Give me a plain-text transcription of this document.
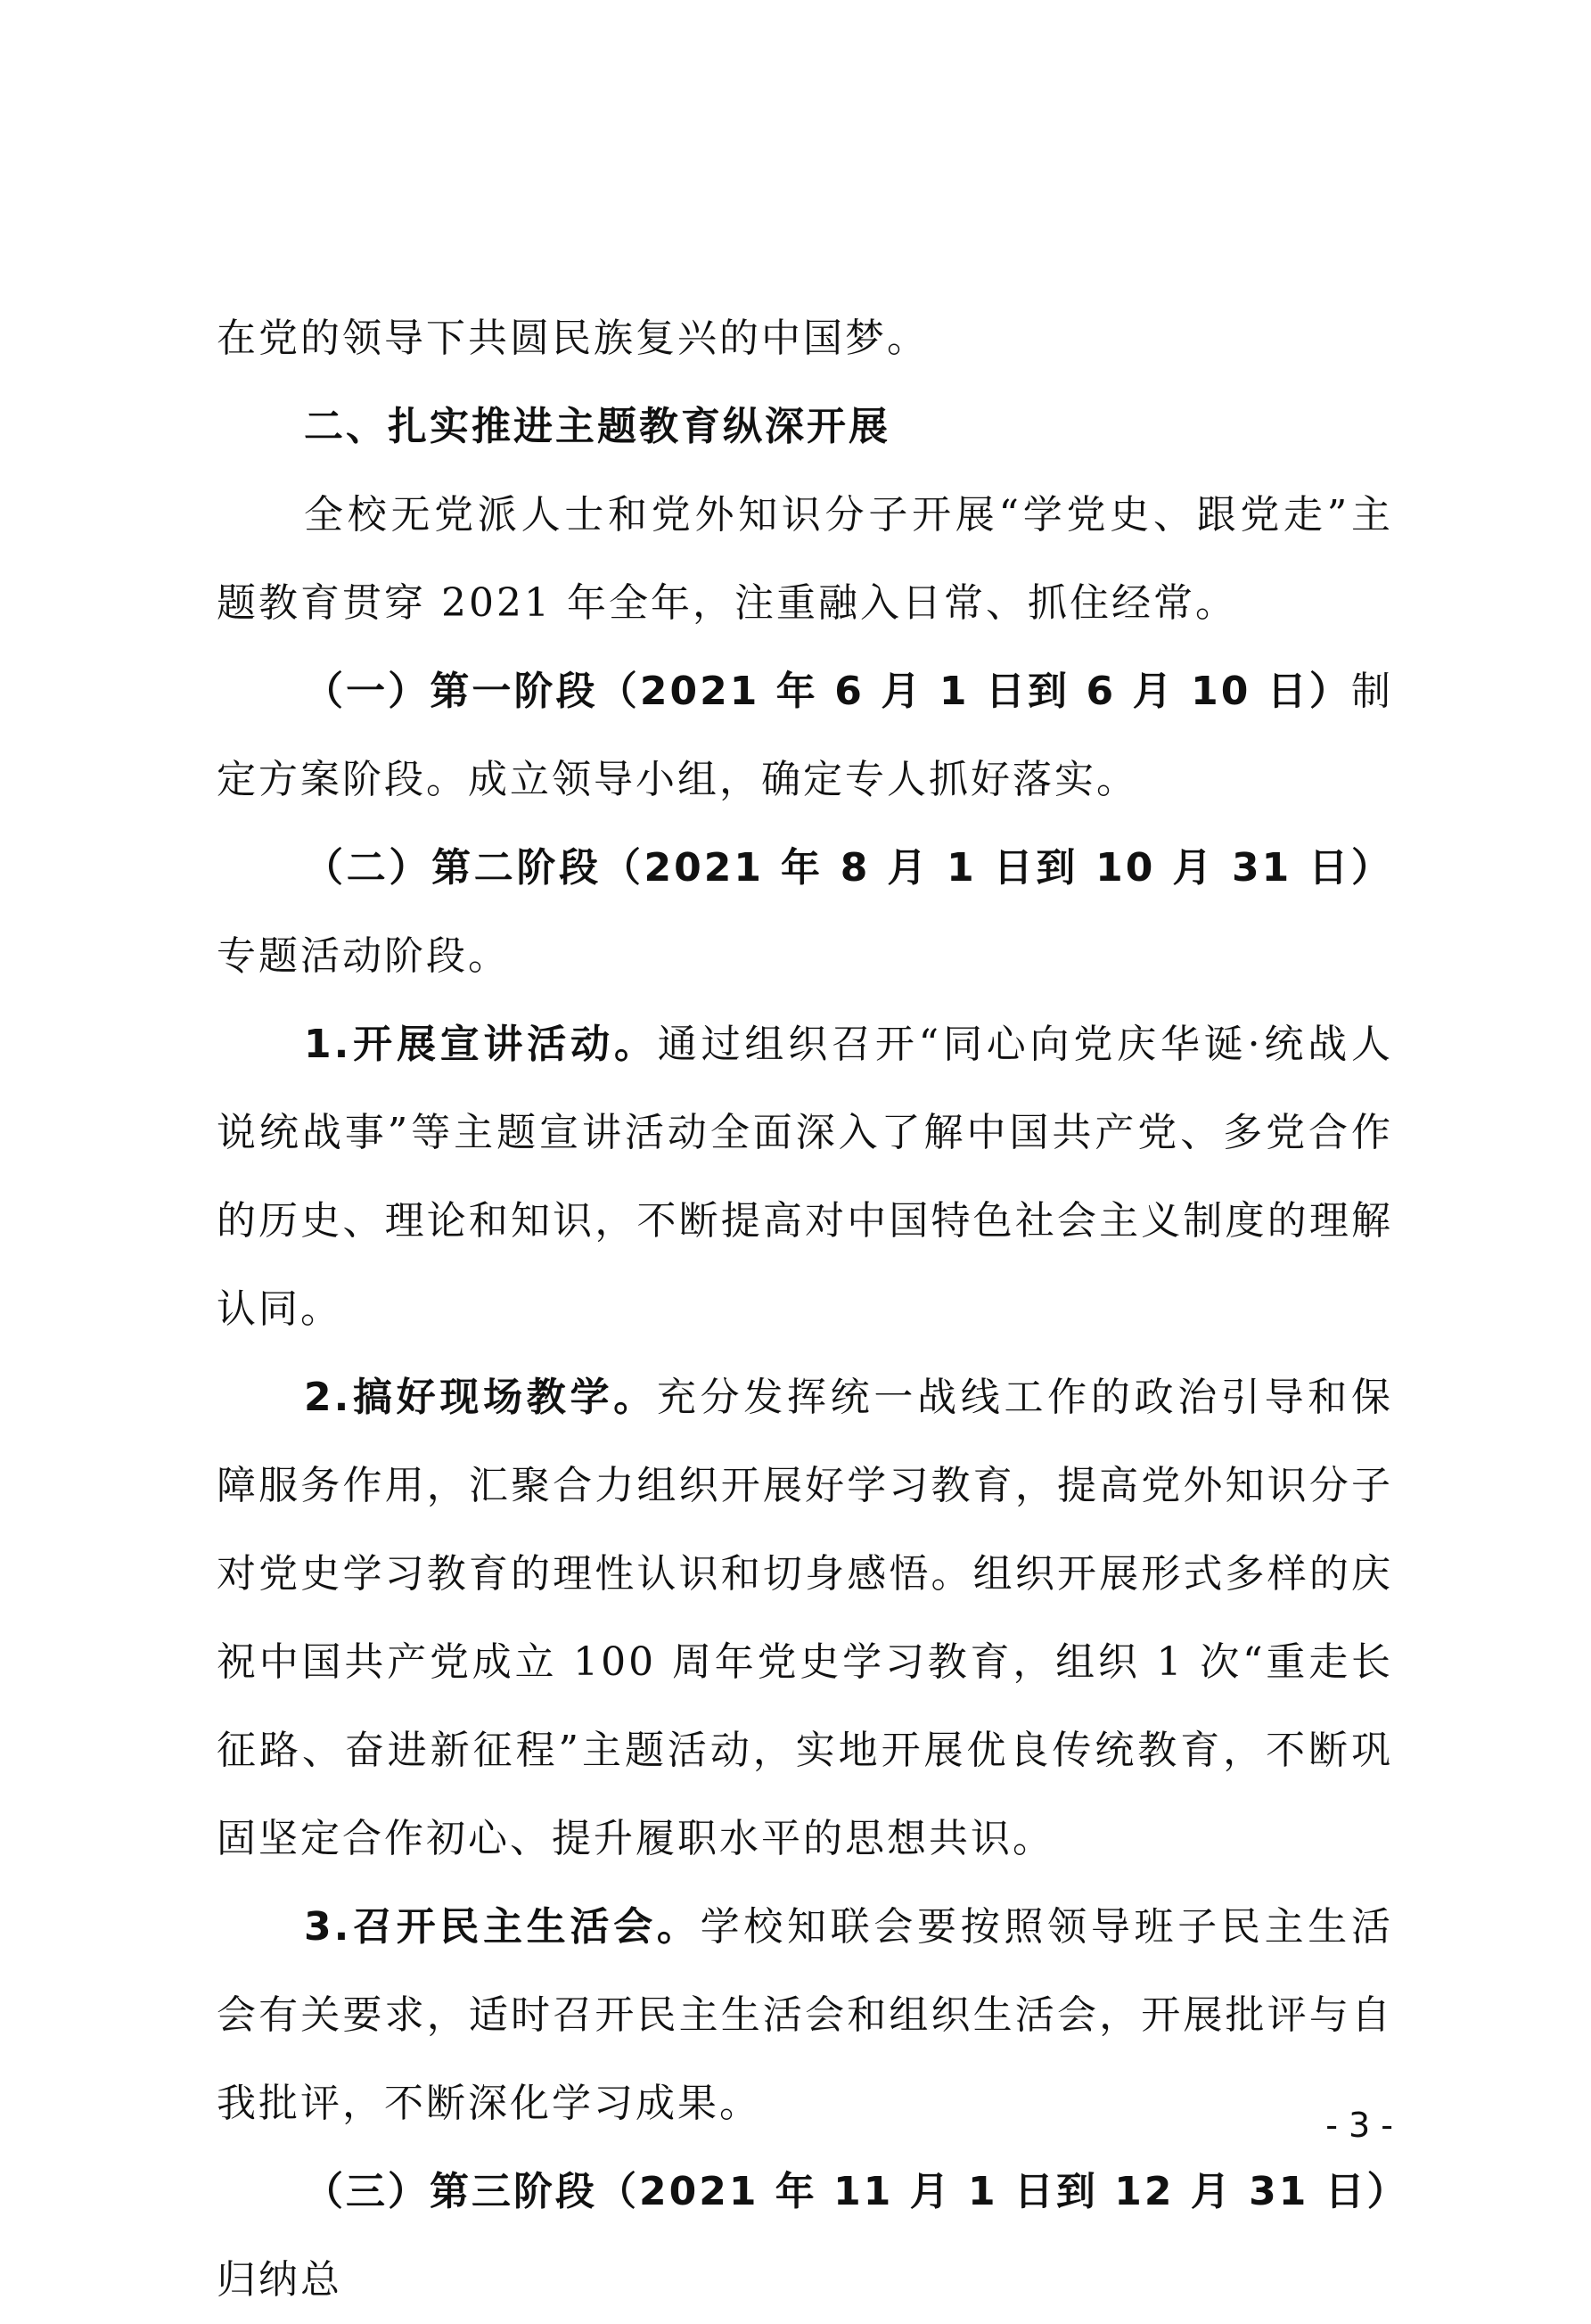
在党的领导下共圆民族复兴的中国梦。

二、扎实推进主题教育纵深开展

全校无党派人士和党外知识分子开展“学党史、跟党走”主题教育贯穿 2021 年全年，注重融入日常、抓住经常。

（一）第一阶段（2021 年 6 月 1 日到 6 月 10 日）制定方案阶段。成立领导小组，确定专人抓好落实。

（二）第二阶段（2021 年 8 月 1 日到 10 月 31 日）专题活动阶段。

1.开展宣讲活动。通过组织召开“同心向党庆华诞·统战人说统战事”等主题宣讲活动全面深入了解中国共产党、多党合作的历史、理论和知识，不断提高对中国特色社会主义制度的理解认同。

2.搞好现场教学。充分发挥统一战线工作的政治引导和保障服务作用，汇聚合力组织开展好学习教育，提高党外知识分子对党史学习教育的理性认识和切身感悟。组织开展形式多样的庆祝中国共产党成立 100 周年党史学习教育，组织 1 次“重走长征路、奋进新征程”主题活动，实地开展优良传统教育，不断巩固坚定合作初心、提升履职水平的思想共识。

3.召开民主生活会。学校知联会要按照领导班子民主生活会有关要求，适时召开民主生活会和组织生活会，开展批评与自我批评，不断深化学习成果。

（三）第三阶段（2021 年 11 月 1 日到 12 月 31 日）归纳总

- 3 -
